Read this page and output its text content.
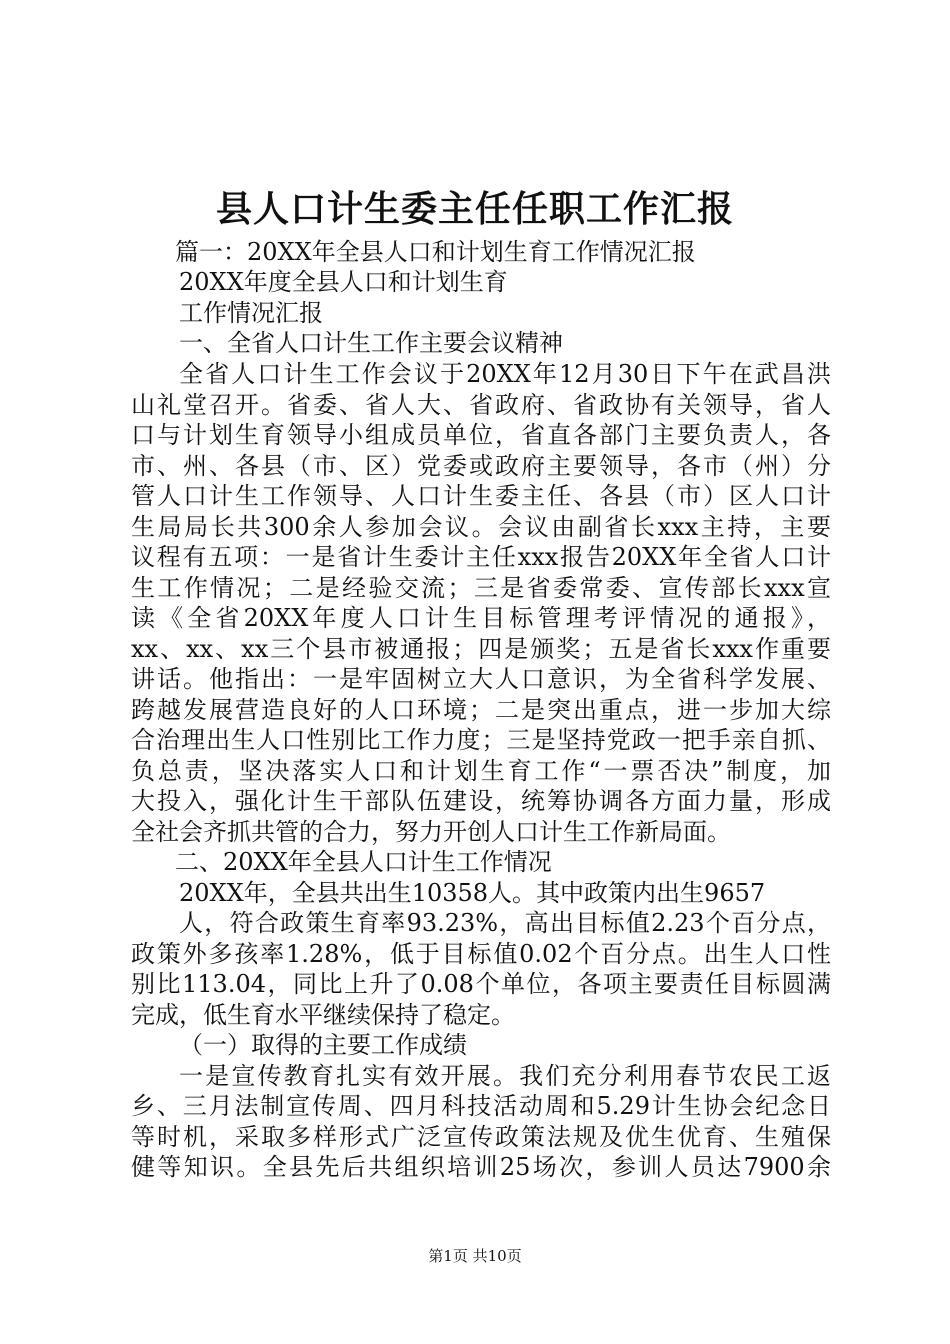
县人口计生委主任任职工作汇报
篇一：20XX年全县人口和计划生育工作情况汇报
20XX年度全县人口和计划生育
工作情况汇报
一、全省人口计生工作主要会议精神
全省人口计生工作会议于20XX年12月30日下午在武昌洪
山礼堂召开。省委、省人大、省政府、省政协有关领导，省人
口与计划生育领导小组成员单位，省直各部门主要负责人，各
市、州、各县（市、区）党委或政府主要领导，各市（州）分
管人口计生工作领导、人口计生委主任、各县（市）区人口计
生局局长共300余人参加会议。会议由副省长xxx主持，主要
议程有五项：一是省计生委计主任xxx报告20XX年全省人口计
生工作情况；二是经验交流；三是省委常委、宣传部长xxx宣
读《全省20XX年度人口计生目标管理考评情况的通报》，
xx、xx、xx三个县市被通报；四是颁奖；五是省长xxx作重要
讲话。他指出：一是牢固树立大人口意识，为全省科学发展、
跨越发展营造良好的人口环境；二是突出重点，进一步加大综
合治理出生人口性别比工作力度；三是坚持党政一把手亲自抓、
负总责，坚决落实人口和计划生育工作“一票否决”制度，加
大投入，强化计生干部队伍建设，统筹协调各方面力量，形成
全社会齐抓共管的合力，努力开创人口计生工作新局面。
二、20XX年全县人口计生工作情况
20XX年，全县共出生10358人。其中政策内出生9657
人，符合政策生育率93.23%，高出目标值2.23个百分点，
政策外多孩率1.28%，低于目标值0.02个百分点。出生人口性
别比113.04，同比上升了0.08个单位，各项主要责任目标圆满
完成，低生育水平继续保持了稳定。
（一）取得的主要工作成绩
一是宣传教育扎实有效开展。我们充分利用春节农民工返
乡、三月法制宣传周、四月科技活动周和5.29计生协会纪念日
等时机，采取多样形式广泛宣传政策法规及优生优育、生殖保
健等知识。全县先后共组织培训25场次，参训人员达7900余
第1页 共10页
